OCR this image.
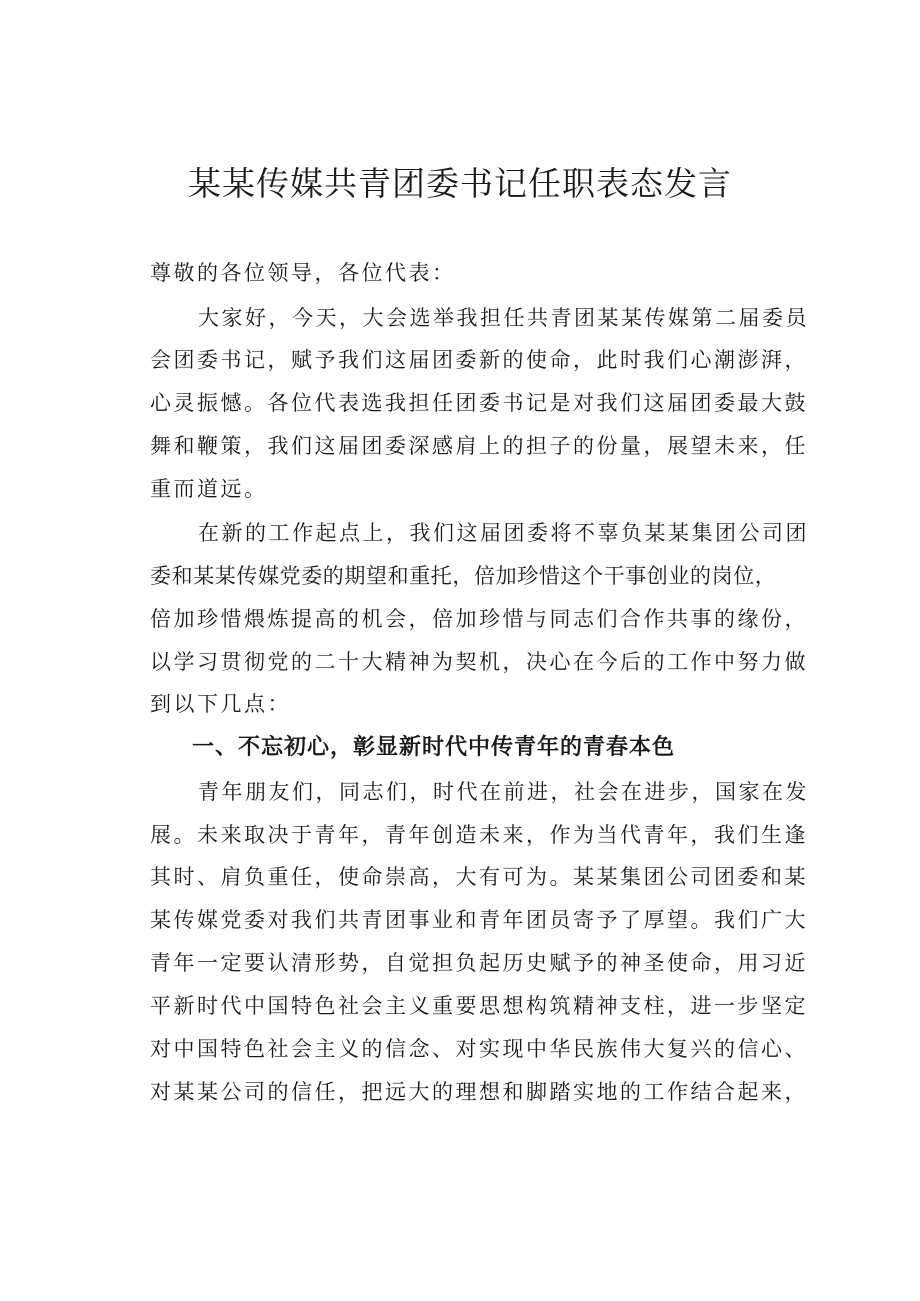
某某传媒共青团委书记任职表态发言
尊敬的各位领导，各位代表：
大家好，今天，大会选举我担任共青团某某传媒第二届委员
会团委书记，赋予我们这届团委新的使命，此时我们心潮澎湃，
心灵振憾。各位代表选我担任团委书记是对我们这届团委最大鼓
舞和鞭策，我们这届团委深感肩上的担子的份量，展望未来，任
重而道远。
在新的工作起点上，我们这届团委将不辜负某某集团公司团
委和某某传媒党委的期望和重托，倍加珍惜这个干事创业的岗位，
倍加珍惜煨炼提高的机会，倍加珍惜与同志们合作共事的缘份，
以学习贯彻党的二十大精神为契机，决心在今后的工作中努力做
到以下几点：
一、不忘初心，彰显新时代中传青年的青春本色
青年朋友们，同志们，时代在前进，社会在进步，国家在发
展。未来取决于青年，青年创造未来，作为当代青年，我们生逢
其时、肩负重任，使命崇高，大有可为。某某集团公司团委和某
某传媒党委对我们共青团事业和青年团员寄予了厚望。我们广大
青年一定要认清形势，自觉担负起历史赋予的神圣使命，用习近
平新时代中国特色社会主义重要思想构筑精神支柱，进一步坚定
对中国特色社会主义的信念、对实现中华民族伟大复兴的信心、
对某某公司的信任，把远大的理想和脚踏实地的工作结合起来，
